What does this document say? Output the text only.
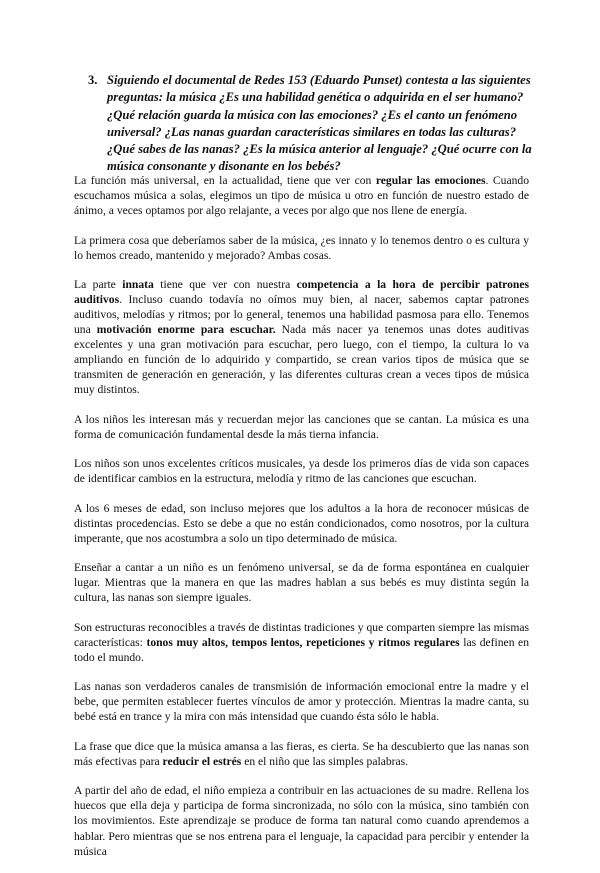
3. Siguiendo el documental de Redes 153 (Eduardo Punset) contesta a las siguientes preguntas: la música ¿Es una habilidad genética o adquirida en el ser humano? ¿Qué relación guarda la música con las emociones? ¿Es el canto un fenómeno universal? ¿Las nanas guardan características similares en todas las culturas? ¿Qué sabes de las nanas? ¿Es la música anterior al lenguaje? ¿Qué ocurre con la música consonante y disonante en los bebés?

La función más universal, en la actualidad, tiene que ver con regular las emociones. Cuando escuchamos música a solas, elegimos un tipo de música u otro en función de nuestro estado de ánimo, a veces optamos por algo relajante, a veces por algo que nos llene de energía.

La primera cosa que deberíamos saber de la música, ¿es innato y lo tenemos dentro o es cultura y lo hemos creado, mantenido y mejorado? Ambas cosas.

La parte innata tiene que ver con nuestra competencia a la hora de percibir patrones auditivos. Incluso cuando todavía no oímos muy bien, al nacer, sabemos captar patrones auditivos, melodías y ritmos; por lo general, tenemos una habilidad pasmosa para ello. Tenemos una motivación enorme para escuchar. Nada más nacer ya tenemos unas dotes auditivas excelentes y una gran motivación para escuchar, pero luego, con el tiempo, la cultura lo va ampliando en función de lo adquirido y compartido, se crean varios tipos de música que se transmiten de generación en generación, y las diferentes culturas crean a veces tipos de música muy distintos.

A los niños les interesan más y recuerdan mejor las canciones que se cantan. La música es una forma de comunicación fundamental desde la más tierna infancia.

Los niños son unos excelentes críticos musicales, ya desde los primeros días de vida son capaces de identificar cambios en la estructura, melodía y ritmo de las canciones que escuchan.

A los 6 meses de edad, son incluso mejores que los adultos a la hora de reconocer músicas de distintas procedencias. Esto se debe a que no están condicionados, como nosotros, por la cultura imperante, que nos acostumbra a solo un tipo determinado de música.

Enseñar a cantar a un niño es un fenómeno universal, se da de forma espontánea en cualquier lugar. Mientras que la manera en que las madres hablan a sus bebés es muy distinta según la cultura, las nanas son siempre iguales.

Son estructuras reconocibles a través de distintas tradiciones y que comparten siempre las mismas características: tonos muy altos, tempos lentos, repeticiones y ritmos regulares las definen en todo el mundo.

Las nanas son verdaderos canales de transmisión de información emocional entre la madre y el bebe, que permiten establecer fuertes vínculos de amor y protección. Mientras la madre canta, su bebé está en trance y la mira con más intensidad que cuando ésta sólo le habla.

La frase que dice que la música amansa a las fieras, es cierta. Se ha descubierto que las nanas son más efectivas para reducir el estrés en el niño que las simples palabras.

A partir del año de edad, el niño empieza a contribuir en las actuaciones de su madre. Rellena los huecos que ella deja y participa de forma sincronizada, no sólo con la música, sino también con los movimientos. Este aprendizaje se produce de forma tan natural como cuando aprendemos a hablar. Pero mientras que se nos entrena para el lenguaje, la capacidad para percibir y entender la música
